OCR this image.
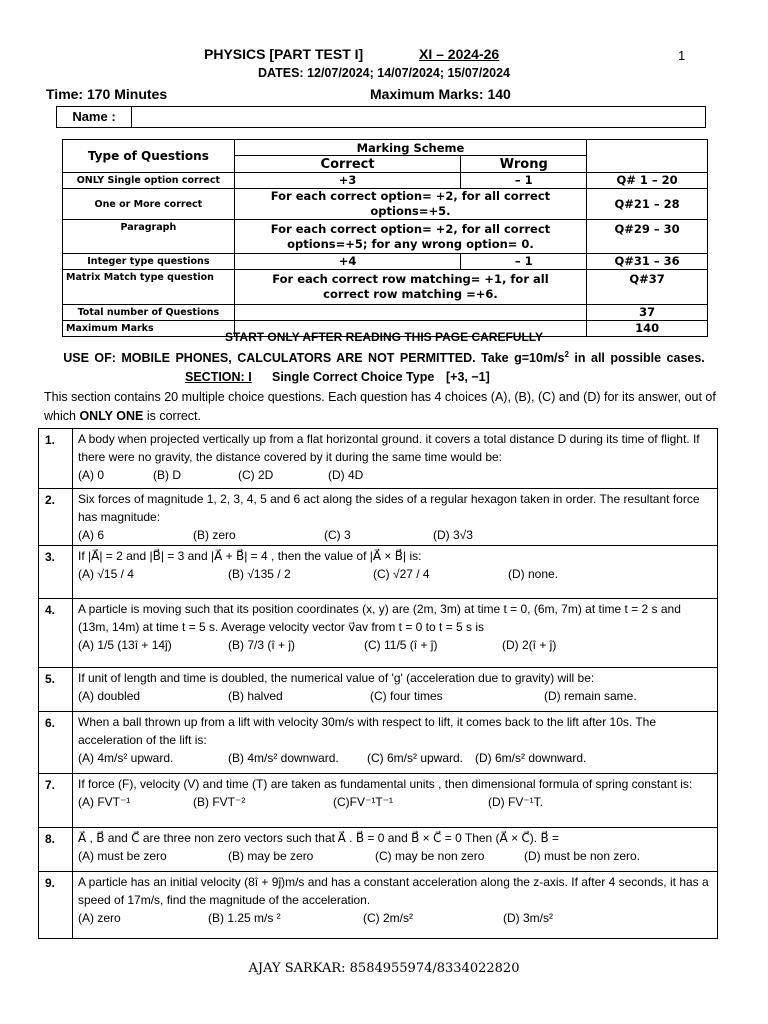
PHYSICS [PART TEST I]	XI – 2024-26	1
DATES: 12/07/2024; 14/07/2024; 15/07/2024
Time: 170 Minutes	Maximum Marks: 140
Name :
Type of Questions	Marking Scheme		
	Correct	Wrong	
ONLY Single option correct	+3	– 1	Q# 1 – 20
One or More correct	For each correct option= +2, for all correct options=+5.		Q#21 – 28
Paragraph	For each correct option= +2, for all correct options=+5; for any wrong option= 0.		Q#29 – 30
Integer type questions	+4	– 1	Q#31 – 36
Matrix Match type question	For each correct row matching= +1, for all correct row matching =+6.		Q#37
Total number of Questions			37
Maximum Marks			140
START ONLY AFTER READING THIS PAGE CAREFULLY
USE OF: MOBILE PHONES, CALCULATORS ARE NOT PERMITTED. Take $g=10m/s^2$ in all possible cases.
SECTION: I Single Correct Choice Type [+3, −1]
This section contains 20 multiple choice questions. Each question has 4 choices (A), (B), (C) and (D) for its answer, out of which ONLY ONE is correct.
1.	A body when projected vertically up from a flat horizontal ground. it covers a total distance D during its time of flight. If there were no gravity, the distance covered by it during the same time would be:
(A) 0 (B) D (C) 2D (D) 4D

2.	Six forces of magnitude 1, 2, 3, 4, 5 and 6 act along the sides of a regular hexagon taken in order. The resultant force has magnitude:
(A) 6 (B) zero (C) 3 (D) 3√3

3.	If |A⃗| = 2 and |B⃗| = 3 and |A⃗ + B⃗| = 4 , then the value of |A⃗ × B⃗| is:
(A) √15 / 4 (B) √135 / 2 (C) √27 / 4 (D) none.

4.	A particle is moving such that its position coordinates (x, y) are (2m, 3m) at time t = 0, (6m, 7m) at time t = 2 s and (13m, 14m) at time t = 5 s. Average velocity vector v⃗av from t = 0 to t = 5 s is
(A) 1/5 (13î + 14ĵ) (B) 7/3 (î + ĵ) (C) 11/5 (î + ĵ) (D) 2(î + ĵ)

5.	If unit of length and time is doubled, the numerical value of 'g' (acceleration due to gravity) will be:
(A) doubled (B) halved (C) four times (D) remain same.

6.	When a ball thrown up from a lift with velocity 30m/s with respect to lift, it comes back to the lift after 10s. The acceleration of the lift is:
(A) 4m/s² upward. (B) 4m/s² downward. (C) 6m/s² upward. (D) 6m/s² downward.

7.	If force (F), velocity (V) and time (T) are taken as fundamental units , then dimensional formula of spring constant is:
(A) FVT⁻¹ (B) FVT⁻² (C)FV⁻¹T⁻¹ (D) FV⁻¹T.

8.	A⃗ , B⃗ and C⃗ are three non zero vectors such that A⃗ . B⃗ = 0 and B⃗ × C⃗ = 0 Then (A⃗ × C⃗). B⃗ =
(A) must be zero (B) may be zero (C) may be non zero (D) must be non zero.

9.	A particle has an initial velocity (8î + 9ĵ)m/s and has a constant acceleration along the z-axis. If after 4 seconds, it has a speed of 17m/s, find the magnitude of the acceleration.
(A) zero (B) 1.25 m/s ² (C) 2m/s² (D) 3m/s²
AJAY SARKAR: 8584955974/8334022820
